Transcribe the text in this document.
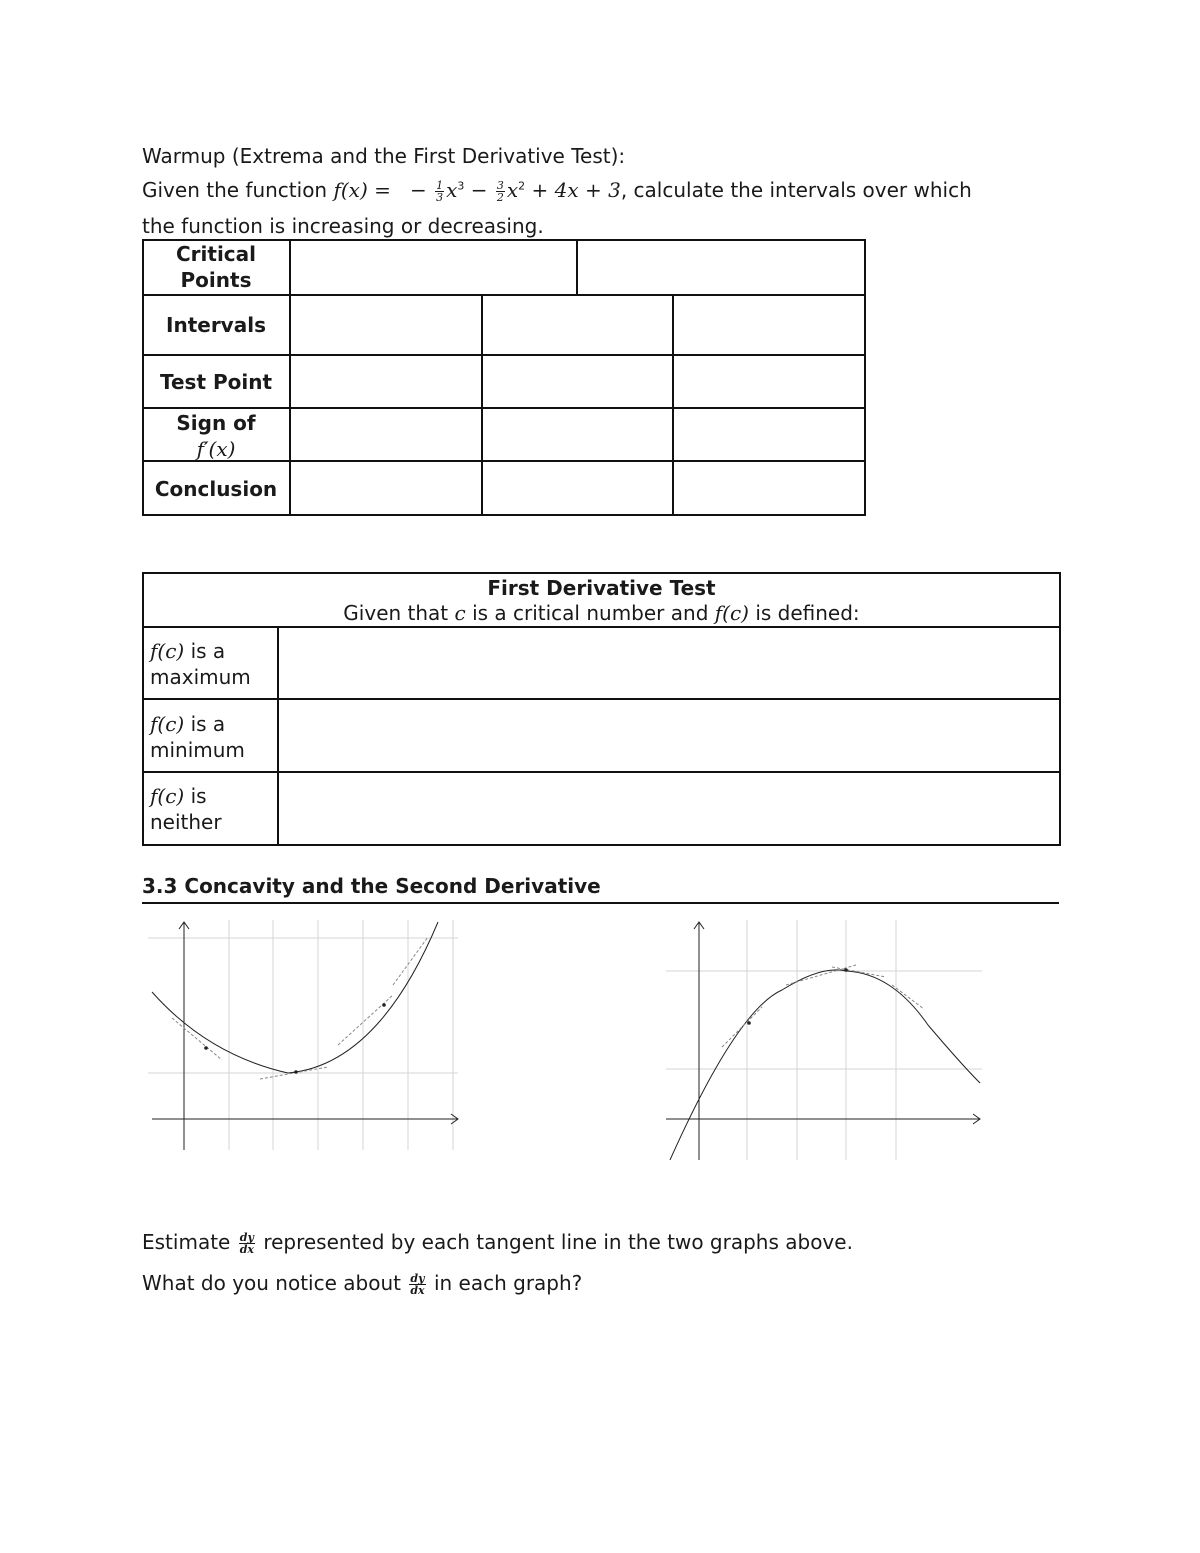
Warmup (Extrema and the First Derivative Test):
Given the function f(x) = − $\frac{1}{3} x^3 - \frac{3}{2} x^2 + 4x + 3$, calculate the intervals over which
the function is increasing or decreasing.
Critical
Points
Intervals
Test Point
Sign of
f′(x)
Conclusion
First Derivative Test
Given that c is a critical number and f(c) is defined:
f(c) is a
maximum
f(c) is a
minimum
f(c) is
neither
3.3 Concavity and the Second Derivative
Estimate $\frac{dy}{dx}$ represented by each tangent line in the two graphs above.
What do you notice about $\frac{dy}{dx}$ in each graph?
